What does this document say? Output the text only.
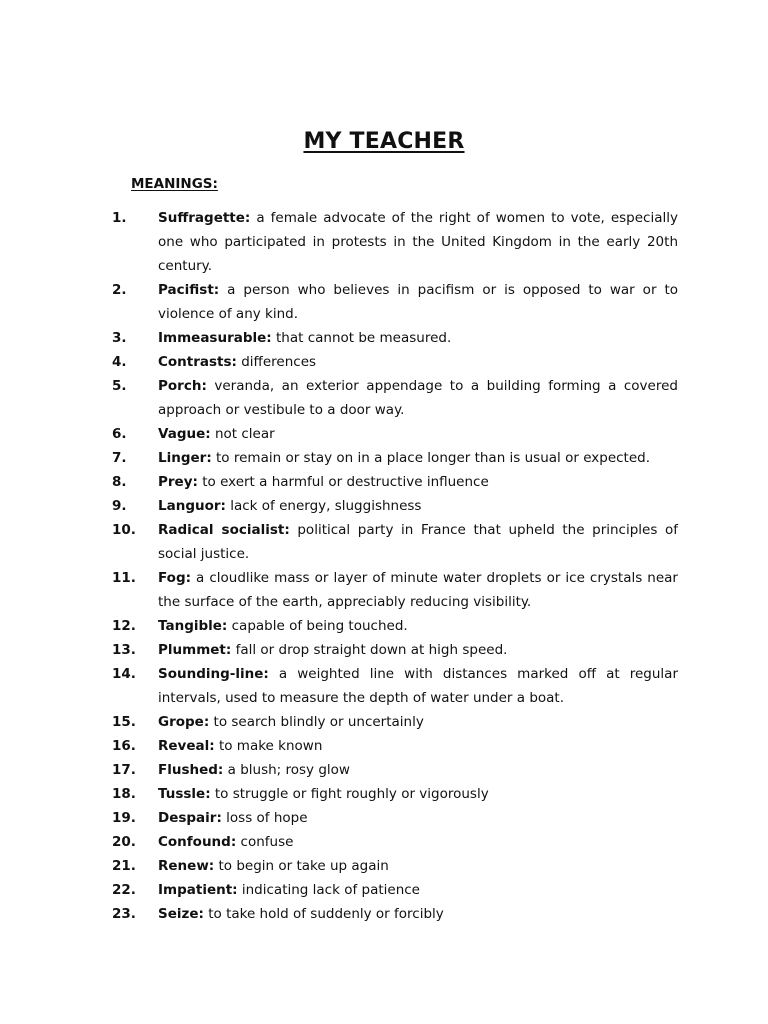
MY TEACHER
MEANINGS:
1.	Suffragette: a female advocate of the right of women to vote, especially one who participated in protests in the United Kingdom in the early 20th century.
2.	Pacifist: a person who believes in pacifism or is opposed to war or to violence of any kind.
3.	Immeasurable: that cannot be measured.
4.	Contrasts: differences
5.	Porch: veranda, an exterior appendage to a building forming a covered approach or vestibule to a door way.
6.	Vague: not clear
7.	Linger: to remain or stay on in a place longer than is usual or expected.
8.	Prey: to exert a harmful or destructive influence
9.	Languor: lack of energy, sluggishness
10.	Radical socialist: political party in France that upheld the principles of social justice.
11.	Fog: a cloudlike mass or layer of minute water droplets or ice crystals near the surface of the earth, appreciably reducing visibility.
12.	Tangible: capable of being touched.
13.	Plummet: fall or drop straight down at high speed.
14.	Sounding-line: a weighted line with distances marked off at regular intervals, used to measure the depth of water under a boat.
15.	Grope: to search blindly or uncertainly
16.	Reveal: to make known
17.	Flushed: a blush; rosy glow
18.	Tussle: to struggle or fight roughly or vigorously
19.	Despair: loss of hope
20.	Confound: confuse
21.	Renew: to begin or take up again
22.	Impatient: indicating lack of patience
23.	Seize: to take hold of suddenly or forcibly
